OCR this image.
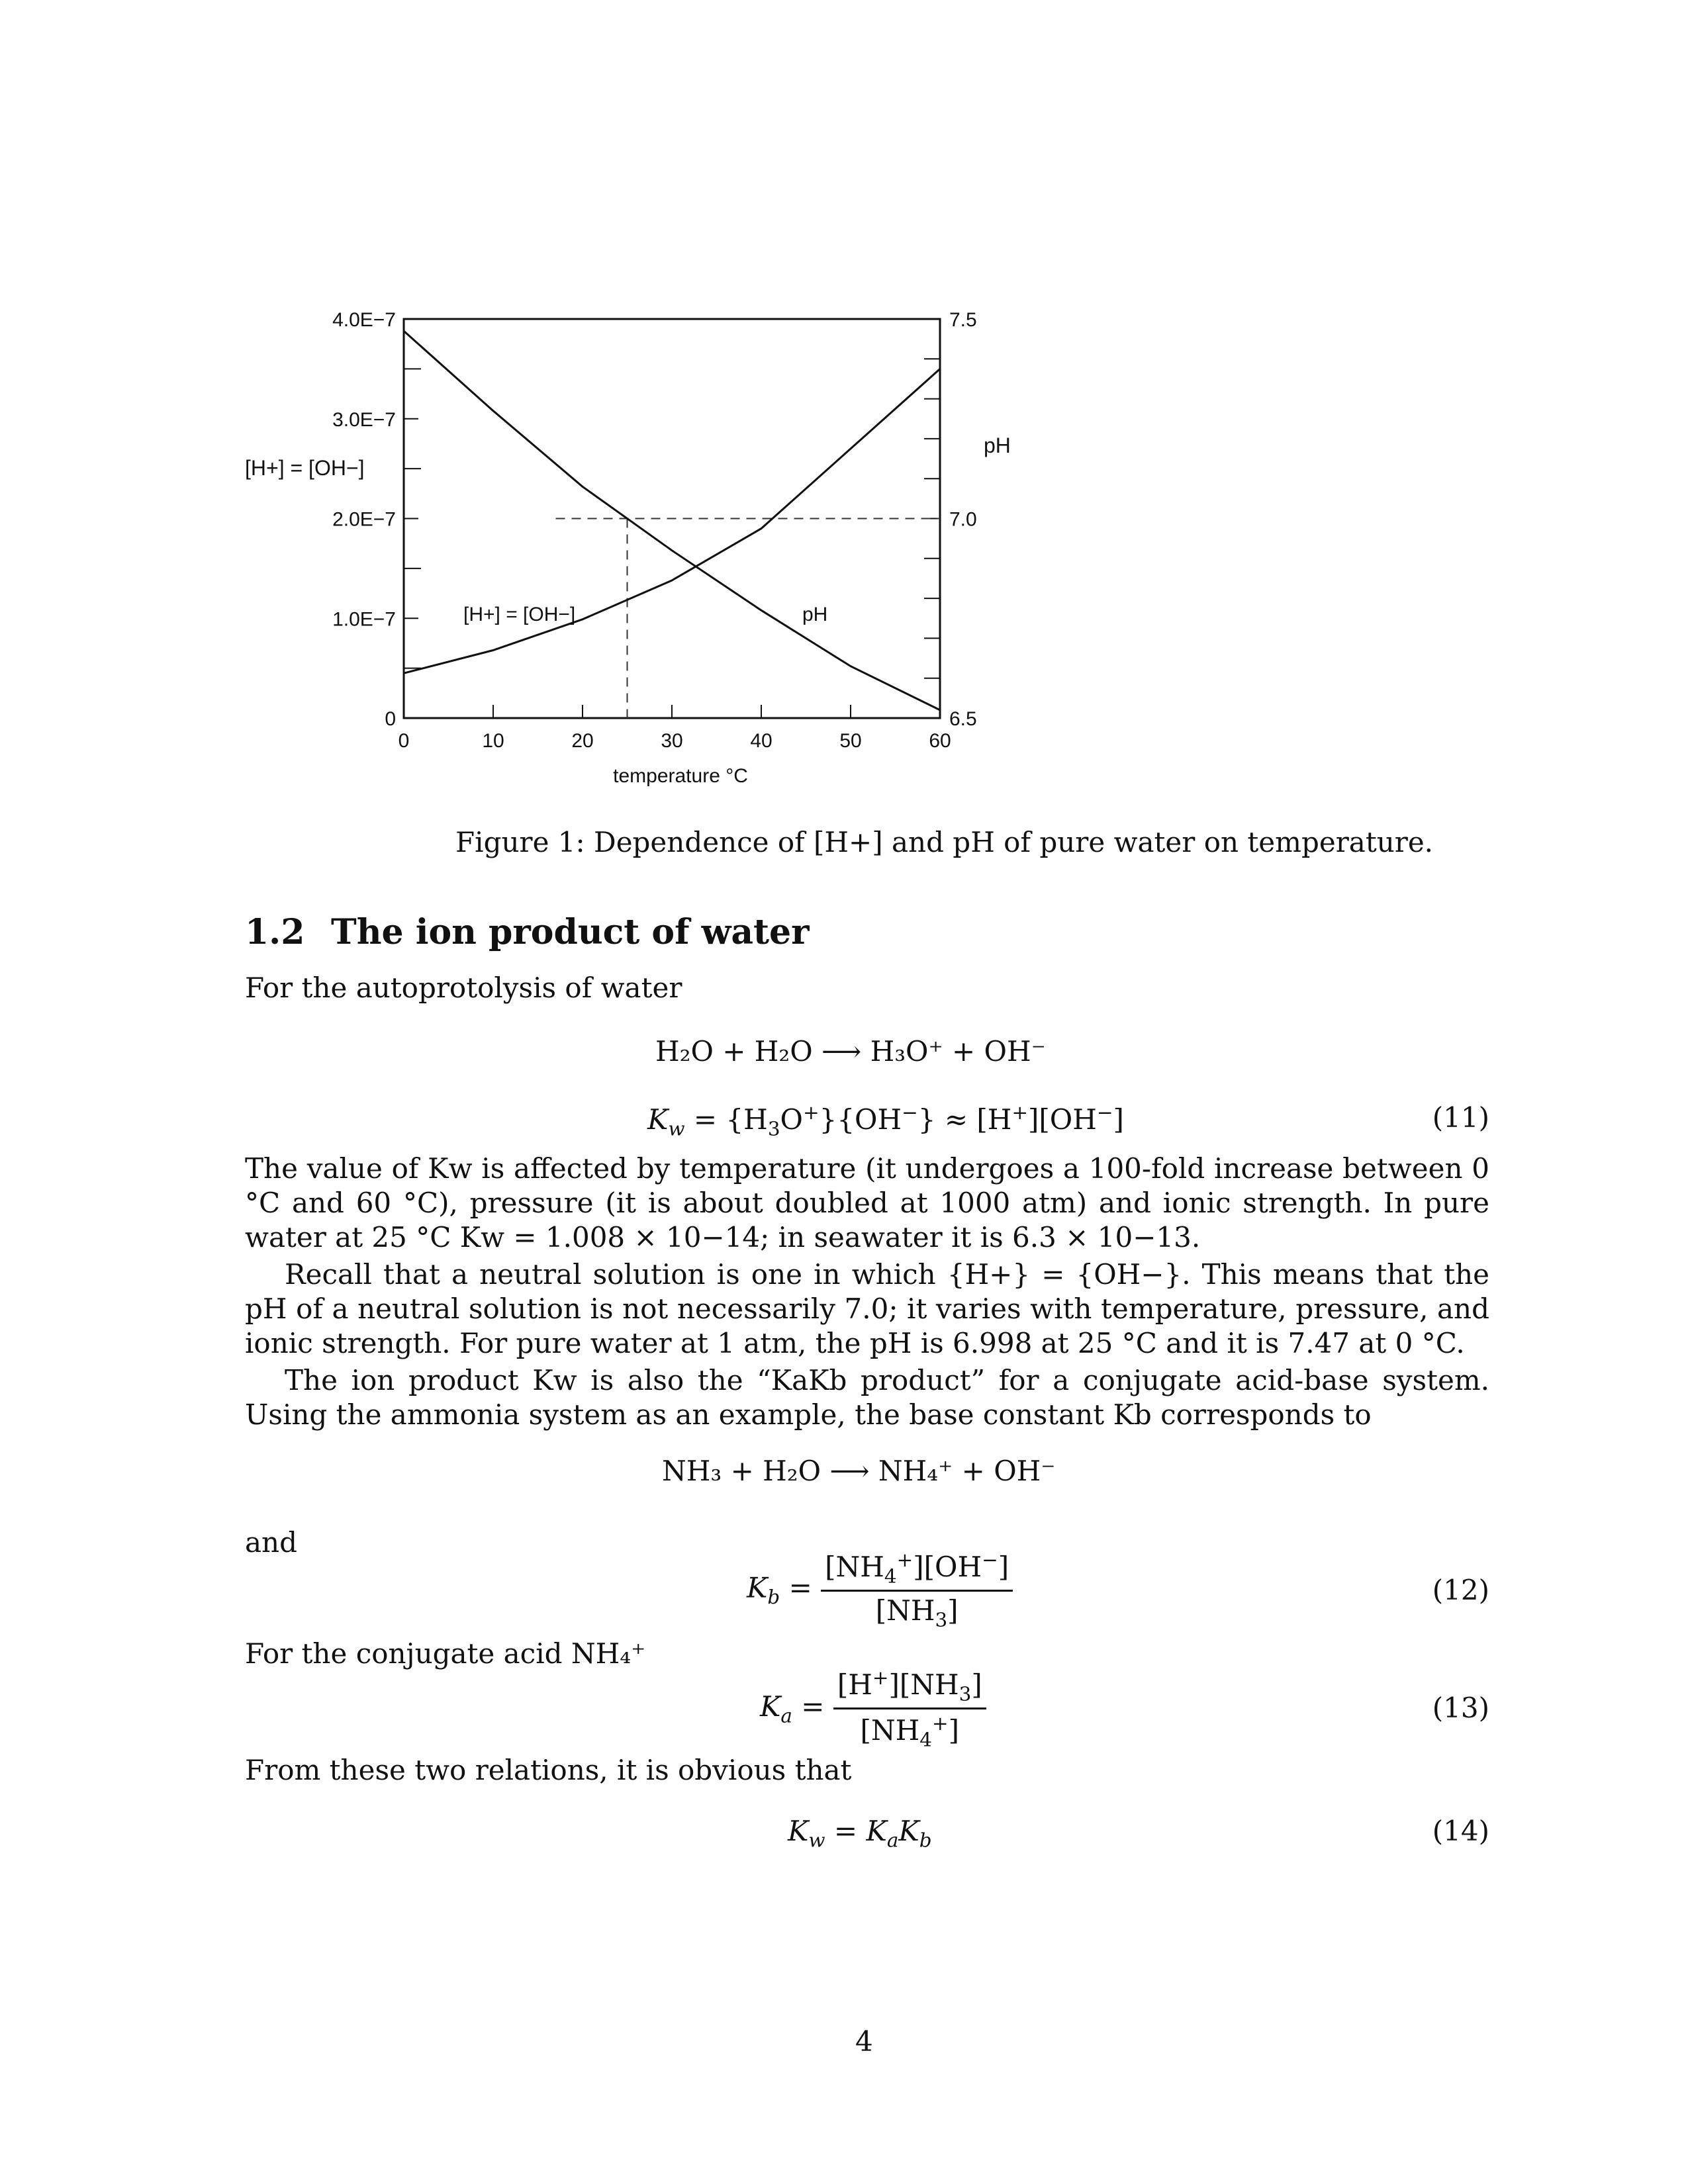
0
1.0E−7
2.0E−7
3.0E−7
4.0E−7
6.5
7.0
7.5
0	10	20	30	40	50	60
[H+] = [OH−]
pH
temperature °C
[H+] = [OH−]	pH
Figure 1: Dependence of [H+] and pH of pure water on temperature.
1.2 The ion product of water
For the autoprotolysis of water
H₂O + H₂O ⟶ H₃O⁺ + OH⁻
$K_w = \{H_3O^+\}\{OH^-\} \approx [H^+][OH^-]$	(11)

The value of Kw is affected by temperature (it undergoes a 100-fold increase between 0 °C and 60 °C), pressure (it is about doubled at 1000 atm) and ionic strength. In pure water at 25 °C Kw = 1.008 × 10−14; in seawater it is 6.3 × 10−13.

Recall that a neutral solution is one in which {H+} = {OH−}. This means that the pH of a neutral solution is not necessarily 7.0; it varies with temperature, pressure, and ionic strength. For pure water at 1 atm, the pH is 6.998 at 25 °C and it is 7.47 at 0 °C.

The ion product Kw is also the “KaKb product” for a conjugate acid-base system. Using the ammonia system as an example, the base constant Kb corresponds to

NH₃ + H₂O ⟶ NH₄⁺ + OH⁻
and
$K_b = \frac{[NH_4^+][OH^-]}{[NH_3]}$	(12)
For the conjugate acid NH₄⁺
$K_a = \frac{[H^+][NH_3]}{[NH_4^+]}$	(13)
From these two relations, it is obvious that
$K_w = K_aK_b$	(14)
4
